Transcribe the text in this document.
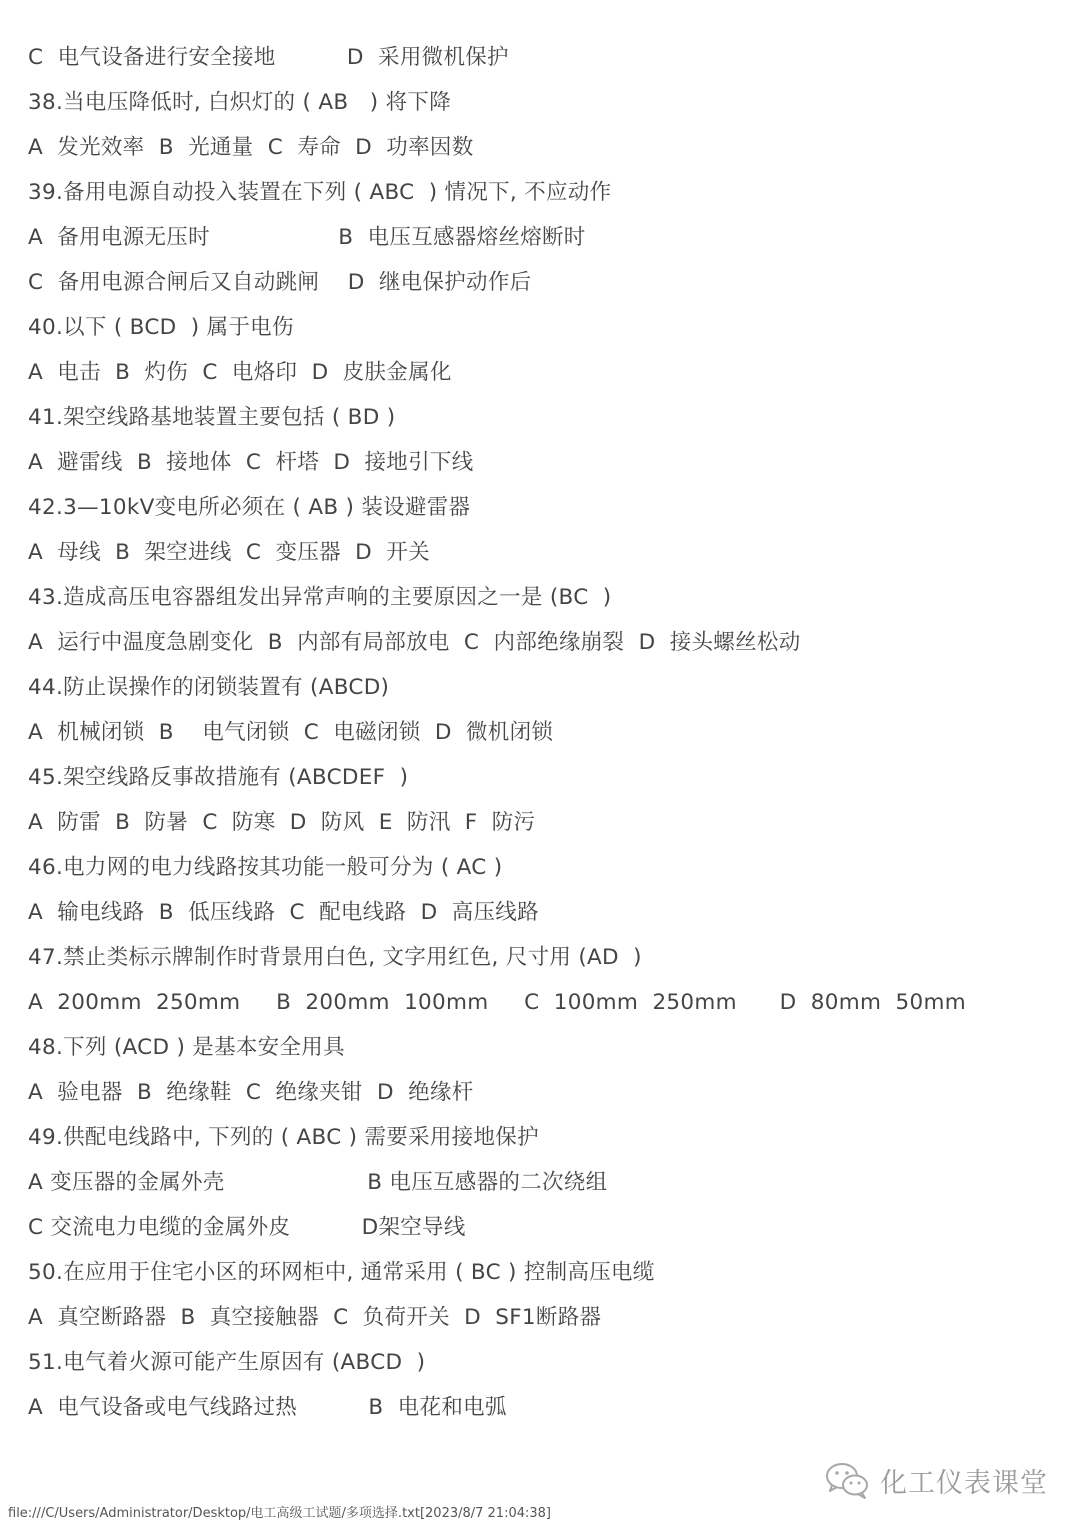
C  电气设备进行安全接地          D  采用微机保护
38.当电压降低时, 白炽灯的 ( AB   ) 将下降
A  发光效率  B  光通量  C  寿命  D  功率因数
39.备用电源自动投入装置在下列 ( ABC  ) 情况下, 不应动作
A  备用电源无压时                  B  电压互感器熔丝熔断时
C  备用电源合闸后又自动跳闸    D  继电保护动作后
40.以下 ( BCD  ) 属于电伤
A  电击  B  灼伤  C  电烙印  D  皮肤金属化
41.架空线路基地装置主要包括 ( BD )
A  避雷线  B  接地体  C  杆塔  D  接地引下线
42.3—10kV变电所必须在 ( AB ) 装设避雷器
A  母线  B  架空进线  C  变压器  D  开关
43.造成高压电容器组发出异常声响的主要原因之一是 (BC  )
A  运行中温度急剧变化  B  内部有局部放电  C  内部绝缘崩裂  D  接头螺丝松动
44.防止误操作的闭锁装置有 (ABCD)
A  机械闭锁  B    电气闭锁  C  电磁闭锁  D  微机闭锁
45.架空线路反事故措施有 (ABCDEF  )
A  防雷  B  防暑  C  防寒  D  防风  E  防汛  F  防污
46.电力网的电力线路按其功能一般可分为 ( AC )
A  输电线路  B  低压线路  C  配电线路  D  高压线路
47.禁止类标示牌制作时背景用白色, 文字用红色, 尺寸用 (AD  )
A  200mm  250mm     B  200mm  100mm     C  100mm  250mm      D  80mm  50mm
48.下列 (ACD ) 是基本安全用具
A  验电器  B  绝缘鞋  C  绝缘夹钳  D  绝缘杆
49.供配电线路中, 下列的 ( ABC ) 需要采用接地保护
A 变压器的金属外壳                    B 电压互感器的二次绕组
C 交流电力电缆的金属外皮          D架空导线
50.在应用于住宅小区的环网柜中, 通常采用 ( BC ) 控制高压电缆
A  真空断路器  B  真空接触器  C  负荷开关  D  SF1断路器
51.电气着火源可能产生原因有 (ABCD  )
A  电气设备或电气线路过热          B  电花和电弧
化工仪表课堂
file:///C/Users/Administrator/Desktop/电工高级工试题/多项选择.txt[2023/8/7 21:04:38]
